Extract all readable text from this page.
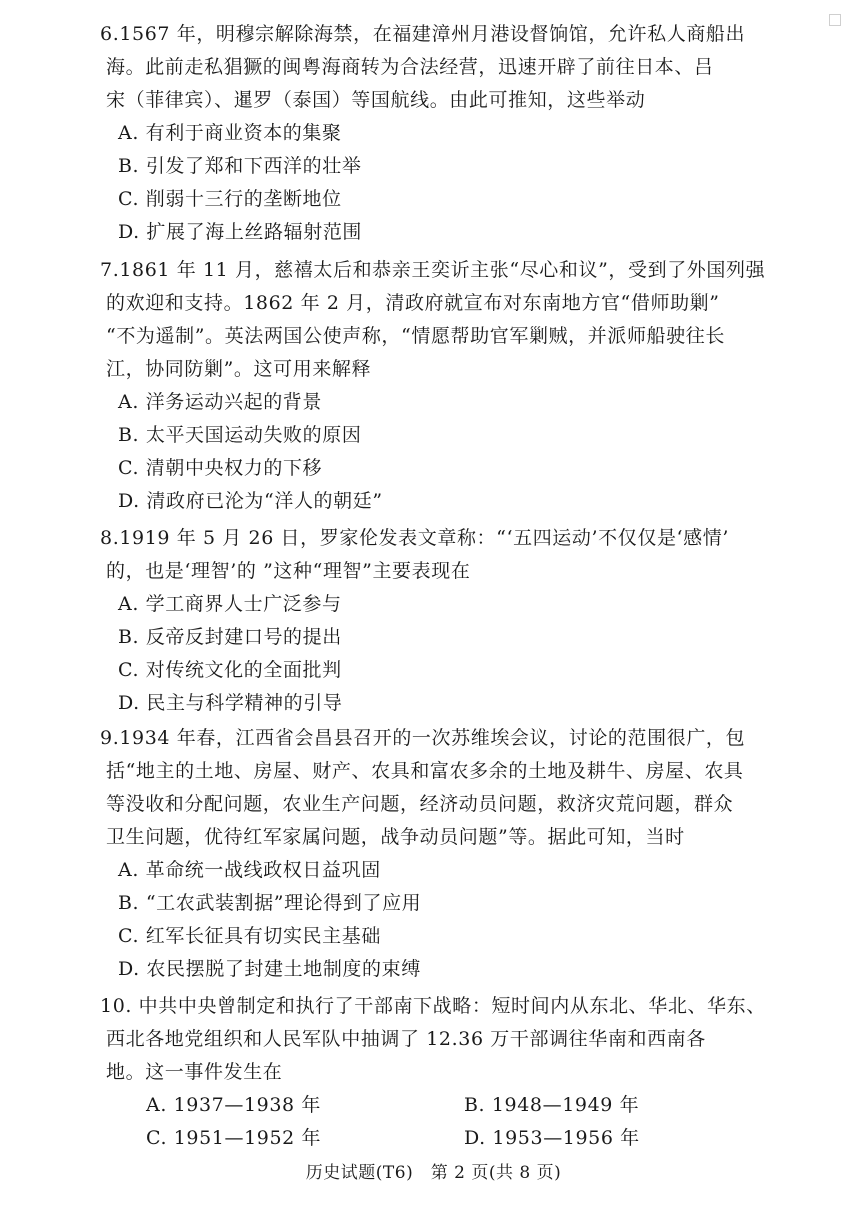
6.1567 年，明穆宗解除海禁，在福建漳州月港设督饷馆，允许私人商船出
海。此前走私猖獗的闽粤海商转为合法经营，迅速开辟了前往日本、吕
宋（菲律宾）、暹罗（泰国）等国航线。由此可推知，这些举动
A. 有利于商业资本的集聚
B. 引发了郑和下西洋的壮举
C. 削弱十三行的垄断地位
D. 扩展了海上丝路辐射范围
7.1861 年 11 月，慈禧太后和恭亲王奕䜣主张“尽心和议”，受到了外国列强
的欢迎和支持。1862 年 2 月，清政府就宣布对东南地方官“借师助剿”
“不为遥制”。英法两国公使声称，“情愿帮助官军剿贼，并派师船驶往长
江，协同防剿”。这可用来解释
A. 洋务运动兴起的背景
B. 太平天国运动失败的原因
C. 清朝中央权力的下移
D. 清政府已沦为“洋人的朝廷”
8.1919 年 5 月 26 日，罗家伦发表文章称：“‘五四运动’不仅仅是‘感情’
的，也是‘理智’的 ”这种“理智”主要表现在
A. 学工商界人士广泛参与
B. 反帝反封建口号的提出
C. 对传统文化的全面批判
D. 民主与科学精神的引导
9.1934 年春，江西省会昌县召开的一次苏维埃会议，讨论的范围很广，包
括“地主的土地、房屋、财产、农具和富农多余的土地及耕牛、房屋、农具
等没收和分配问题，农业生产问题，经济动员问题，救济灾荒问题，群众
卫生问题，优待红军家属问题，战争动员问题”等。据此可知，当时
A. 革命统一战线政权日益巩固
B. “工农武装割据”理论得到了应用
C. 红军长征具有切实民主基础
D. 农民摆脱了封建土地制度的束缚
10. 中共中央曾制定和执行了干部南下战略：短时间内从东北、华北、华东、
西北各地党组织和人民军队中抽调了 12.36 万干部调往华南和西南各
地。这一事件发生在
A. 1937—1938 年	B. 1948—1949 年
C. 1951—1952 年	D. 1953—1956 年
历史试题(T6)　第 2 页(共 8 页)
